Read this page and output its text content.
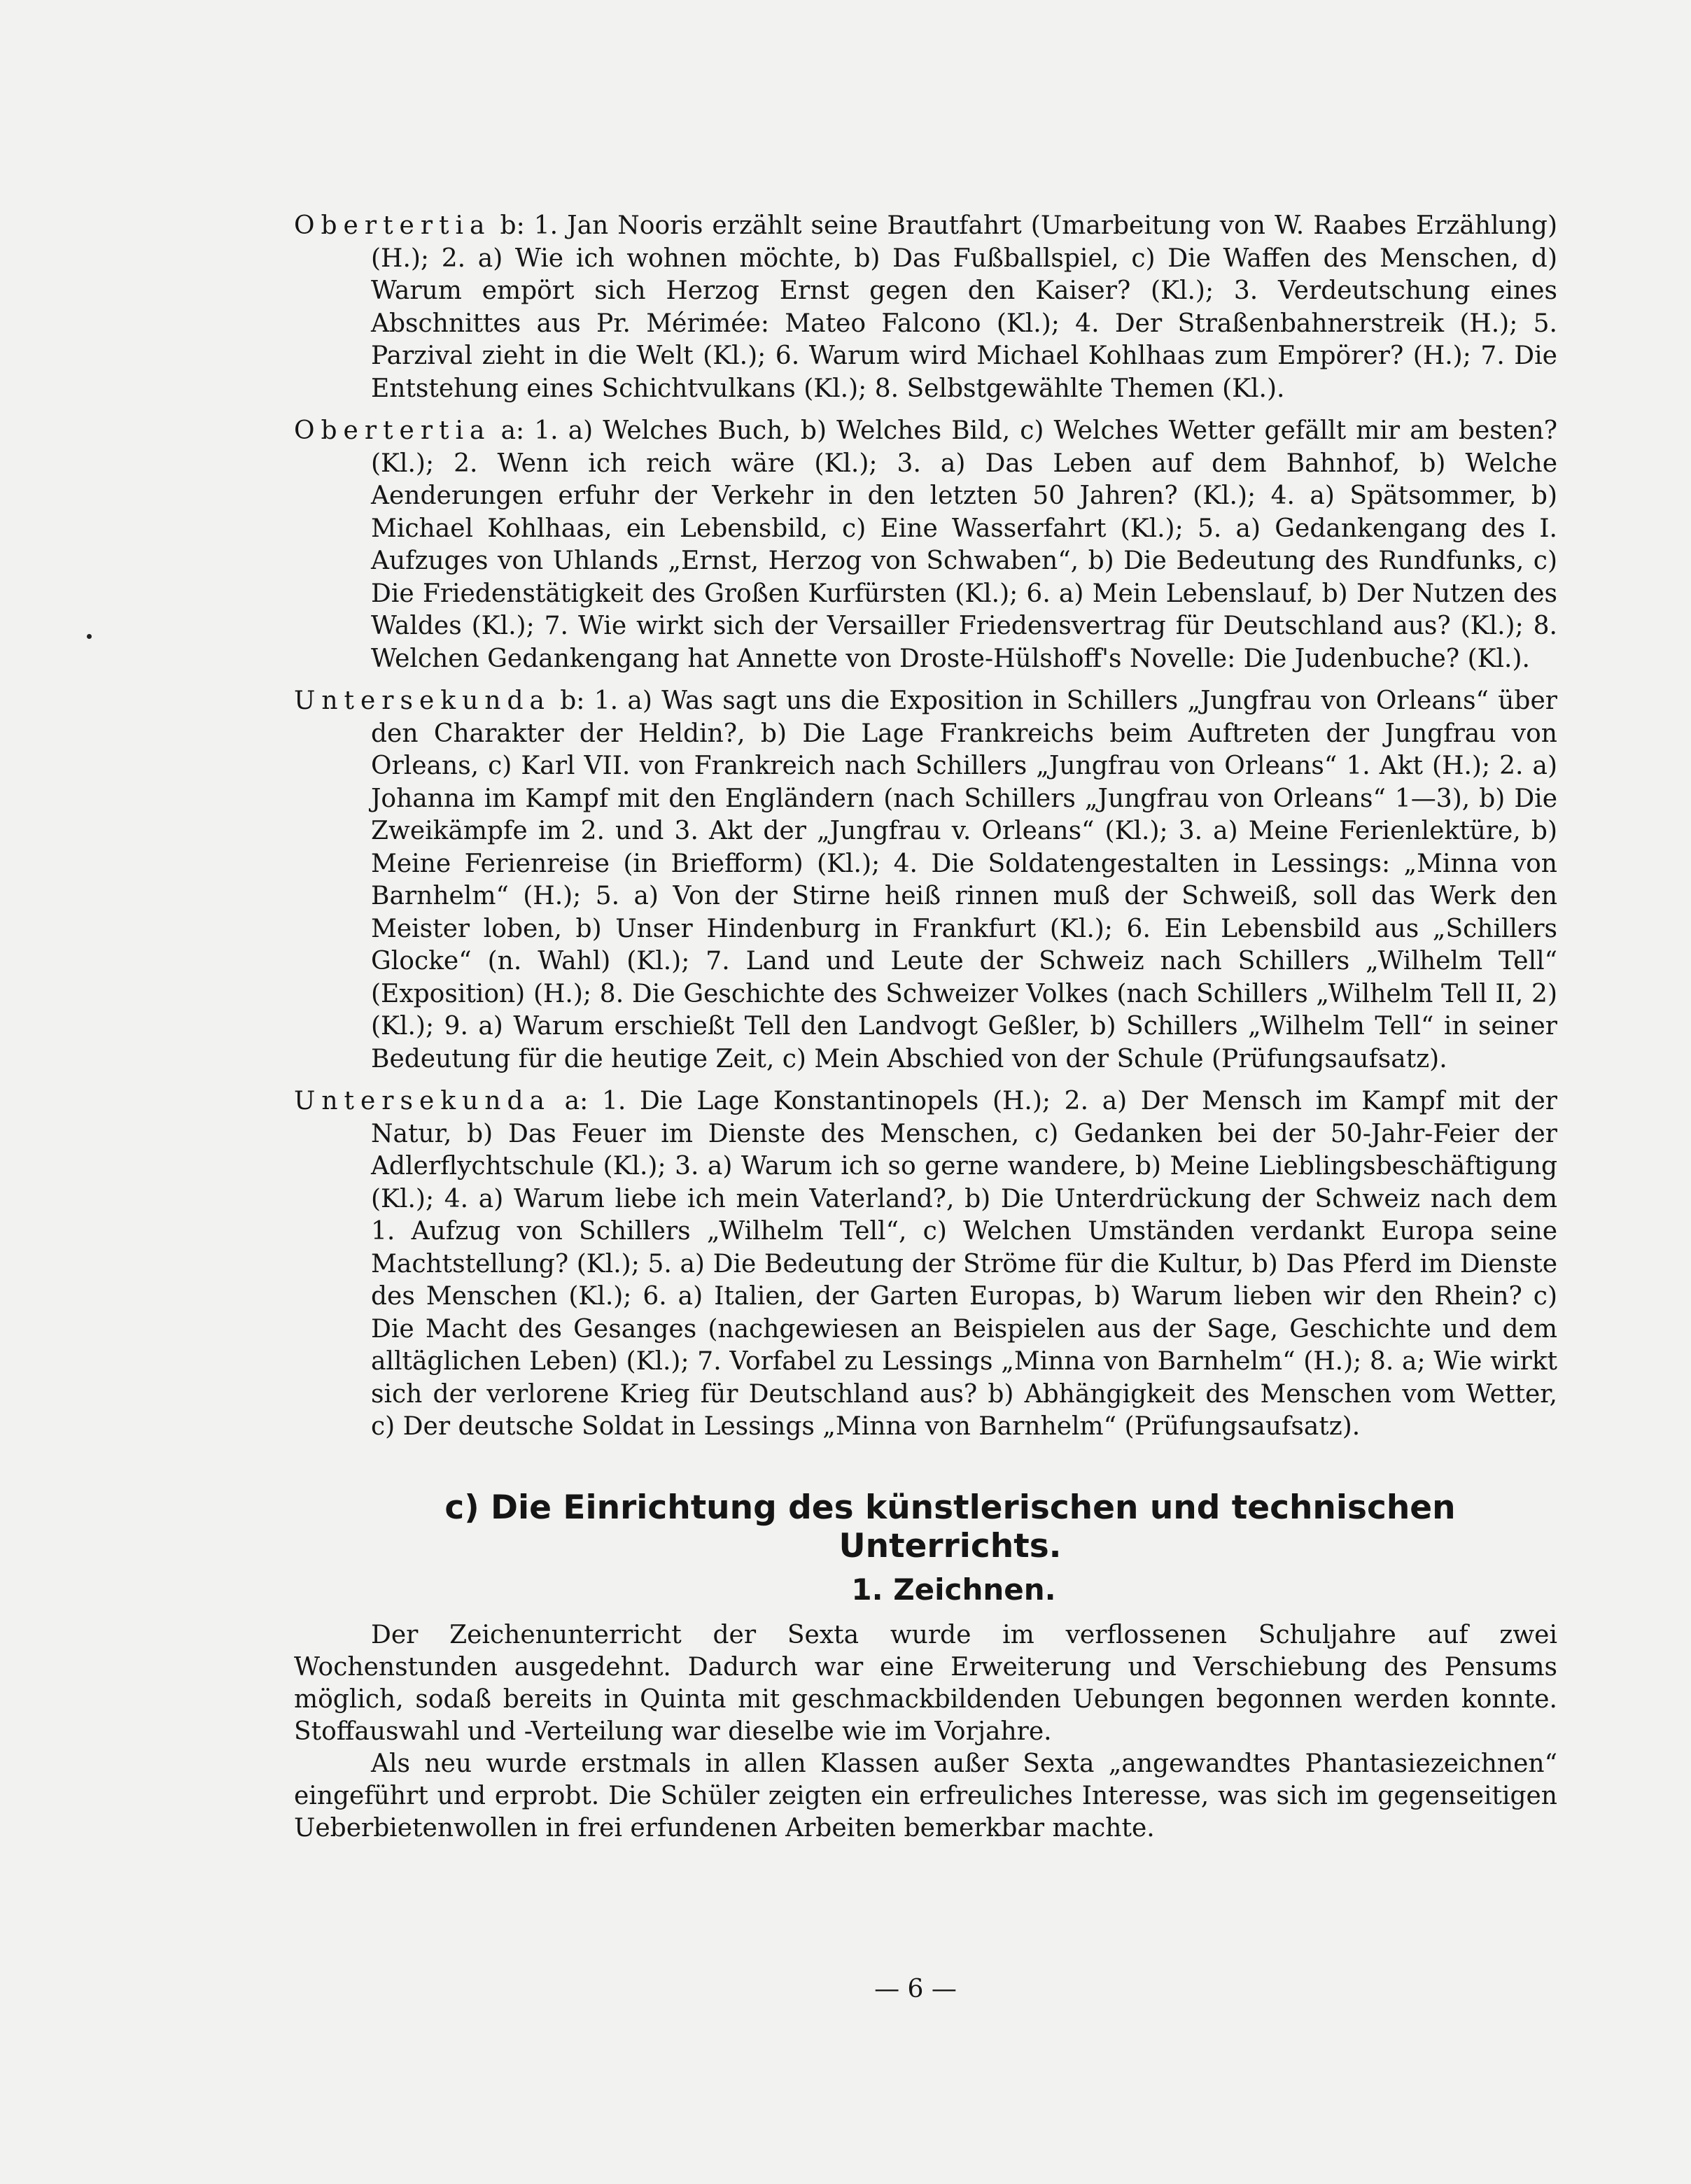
Obertertia b: 1. Jan Nooris erzählt seine Brautfahrt (Umarbeitung von W. Raabes Erzählung) (H.); 2. a) Wie ich wohnen möchte, b) Das Fußballspiel, c) Die Waffen des Menschen, d) Warum empört sich Herzog Ernst gegen den Kaiser? (Kl.); 3. Verdeutschung eines Abschnittes aus Pr. Mérimée: Mateo Falcono (Kl.); 4. Der Straßenbahnerstreik (H.); 5. Parzival zieht in die Welt (Kl.); 6. Warum wird Michael Kohlhaas zum Empörer? (H.); 7. Die Entstehung eines Schichtvulkans (Kl.); 8. Selbstgewählte Themen (Kl.).

Obertertia a: 1. a) Welches Buch, b) Welches Bild, c) Welches Wetter gefällt mir am besten? (Kl.); 2. Wenn ich reich wäre (Kl.); 3. a) Das Leben auf dem Bahnhof, b) Welche Aenderungen erfuhr der Verkehr in den letzten 50 Jahren? (Kl.); 4. a) Spätsommer, b) Michael Kohlhaas, ein Lebensbild, c) Eine Wasserfahrt (Kl.); 5. a) Gedankengang des I. Aufzuges von Uhlands „Ernst, Herzog von Schwaben“, b) Die Bedeutung des Rundfunks, c) Die Friedenstätigkeit des Großen Kurfürsten (Kl.); 6. a) Mein Lebenslauf, b) Der Nutzen des Waldes (Kl.); 7. Wie wirkt sich der Versailler Friedensvertrag für Deutschland aus? (Kl.); 8. Welchen Gedankengang hat Annette von Droste-Hülshoff's Novelle: Die Judenbuche? (Kl.).

Untersekunda b: 1. a) Was sagt uns die Exposition in Schillers „Jungfrau von Orleans“ über den Charakter der Heldin?, b) Die Lage Frankreichs beim Auftreten der Jungfrau von Orleans, c) Karl VII. von Frankreich nach Schillers „Jungfrau von Orleans“ 1. Akt (H.); 2. a) Johanna im Kampf mit den Engländern (nach Schillers „Jungfrau von Orleans“ 1—3), b) Die Zweikämpfe im 2. und 3. Akt der „Jungfrau v. Orleans“ (Kl.); 3. a) Meine Ferienlektüre, b) Meine Ferienreise (in Briefform) (Kl.); 4. Die Soldatengestalten in Lessings: „Minna von Barnhelm“ (H.); 5. a) Von der Stirne heiß rinnen muß der Schweiß, soll das Werk den Meister loben, b) Unser Hindenburg in Frankfurt (Kl.); 6. Ein Lebensbild aus „Schillers Glocke“ (n. Wahl) (Kl.); 7. Land und Leute der Schweiz nach Schillers „Wilhelm Tell“ (Exposition) (H.); 8. Die Geschichte des Schweizer Volkes (nach Schillers „Wilhelm Tell II, 2) (Kl.); 9. a) Warum erschießt Tell den Landvogt Geßler, b) Schillers „Wilhelm Tell“ in seiner Bedeutung für die heutige Zeit, c) Mein Abschied von der Schule (Prüfungsaufsatz).

Untersekunda a: 1. Die Lage Konstantinopels (H.); 2. a) Der Mensch im Kampf mit der Natur, b) Das Feuer im Dienste des Menschen, c) Gedanken bei der 50-Jahr-Feier der Adlerflychtschule (Kl.); 3. a) Warum ich so gerne wandere, b) Meine Lieblingsbeschäftigung (Kl.); 4. a) Warum liebe ich mein Vaterland?, b) Die Unterdrückung der Schweiz nach dem 1. Aufzug von Schillers „Wilhelm Tell“, c) Welchen Umständen verdankt Europa seine Machtstellung? (Kl.); 5. a) Die Bedeutung der Ströme für die Kultur, b) Das Pferd im Dienste des Menschen (Kl.); 6. a) Italien, der Garten Europas, b) Warum lieben wir den Rhein? c) Die Macht des Gesanges (nachgewiesen an Beispielen aus der Sage, Geschichte und dem alltäglichen Leben) (Kl.); 7. Vorfabel zu Lessings „Minna von Barnhelm“ (H.); 8. a; Wie wirkt sich der verlorene Krieg für Deutschland aus? b) Abhängigkeit des Menschen vom Wetter, c) Der deutsche Soldat in Lessings „Minna von Barnhelm“ (Prüfungsaufsatz).

c) Die Einrichtung des künstlerischen und technischen Unterrichts.
1. Zeichnen.

Der Zeichenunterricht der Sexta wurde im verflossenen Schuljahre auf zwei Wochenstunden ausgedehnt. Dadurch war eine Erweiterung und Verschiebung des Pensums möglich, sodaß bereits in Quinta mit geschmackbildenden Uebungen begonnen werden konnte. Stoffauswahl und -Verteilung war dieselbe wie im Vorjahre.

Als neu wurde erstmals in allen Klassen außer Sexta „angewandtes Phantasiezeichnen“ eingeführt und erprobt. Die Schüler zeigten ein erfreuliches Interesse, was sich im gegenseitigen Ueberbietenwollen in frei erfundenen Arbeiten bemerkbar machte.

— 6 —
